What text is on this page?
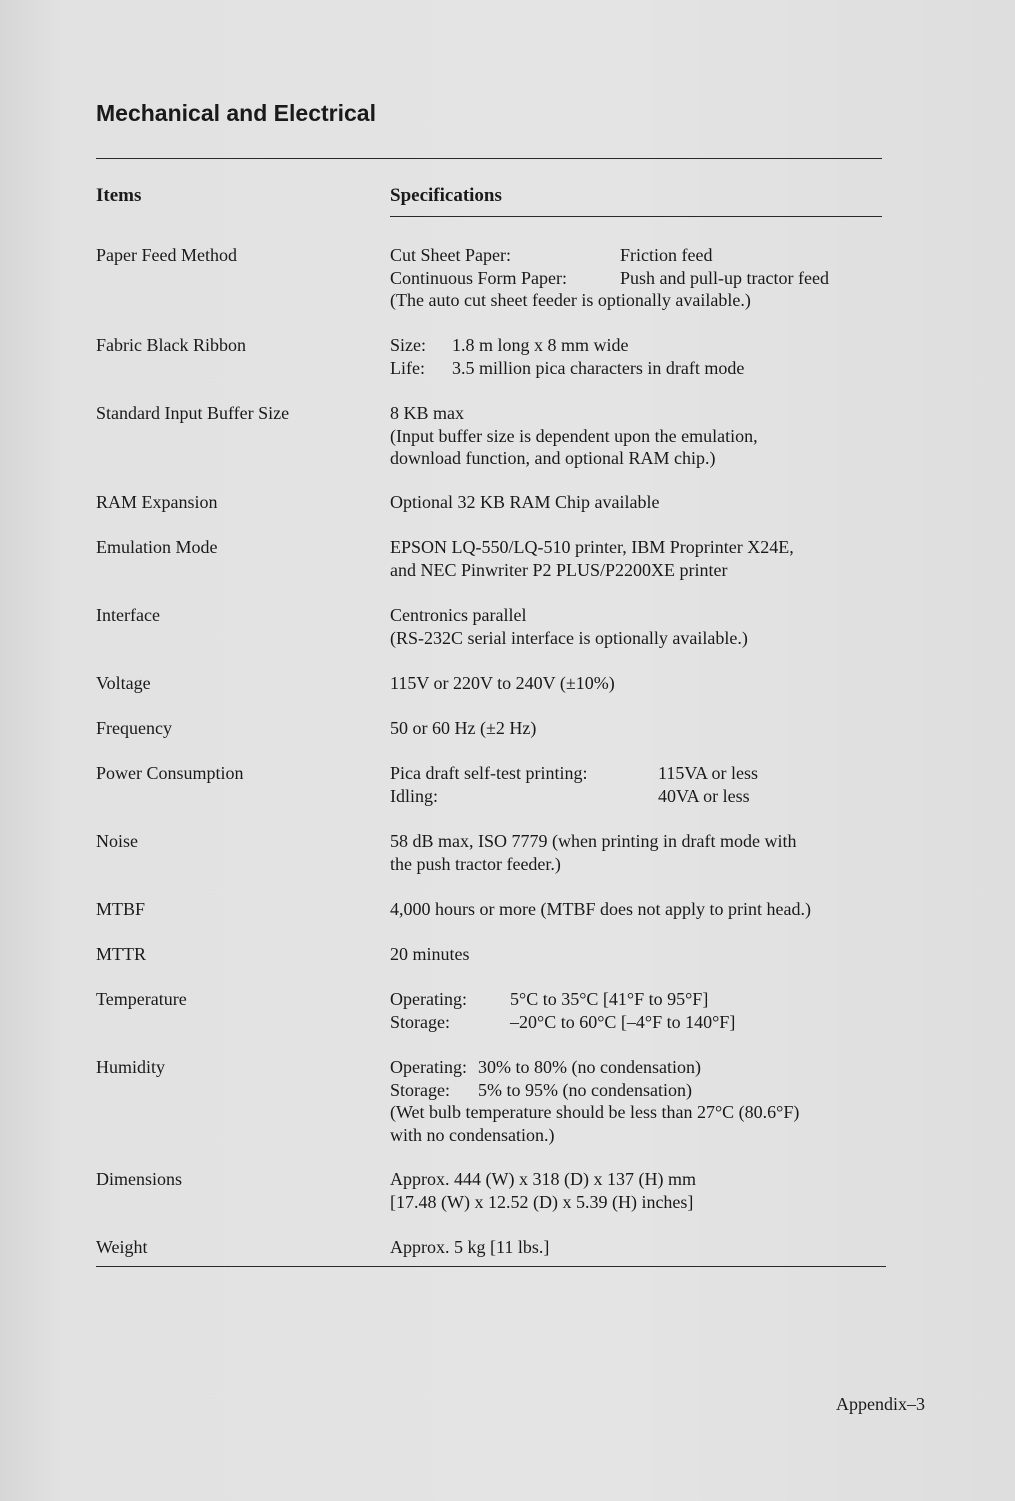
Mechanical and Electrical
Items	Specifications
Paper Feed Method	Cut Sheet Paper:	Friction feed
Continuous Form Paper:	Push and pull-up tractor feed
(The auto cut sheet feeder is optionally available.)
Fabric Black Ribbon	Size: 1.8 m long x 8 mm wide
Life: 3.5 million pica characters in draft mode
Standard Input Buffer Size	8 KB max
(Input buffer size is dependent upon the emulation,
download function, and optional RAM chip.)
RAM Expansion	Optional 32 KB RAM Chip available
Emulation Mode	EPSON LQ-550/LQ-510 printer, IBM Proprinter X24E,
and NEC Pinwriter P2 PLUS/P2200XE printer
Interface	Centronics parallel
(RS-232C serial interface is optionally available.)
Voltage	115V or 220V to 240V (±10%)
Frequency	50 or 60 Hz (±2 Hz)
Power Consumption	Pica draft self-test printing:	115VA or less
Idling:	40VA or less
Noise	58 dB max, ISO 7779 (when printing in draft mode with
the push tractor feeder.)
MTBF	4,000 hours or more (MTBF does not apply to print head.)
MTTR	20 minutes
Temperature	Operating: 5°C to 35°C [41°F to 95°F]
Storage:	–20°C to 60°C [–4°F to 140°F]
Humidity	Operating: 30% to 80% (no condensation)
Storage: 5% to 95% (no condensation)
(Wet bulb temperature should be less than 27°C (80.6°F)
with no condensation.)
Dimensions	Approx. 444 (W) x 318 (D) x 137 (H) mm
[17.48 (W) x 12.52 (D) x 5.39 (H) inches]
Weight	Approx. 5 kg [11 lbs.]
Appendix–3
